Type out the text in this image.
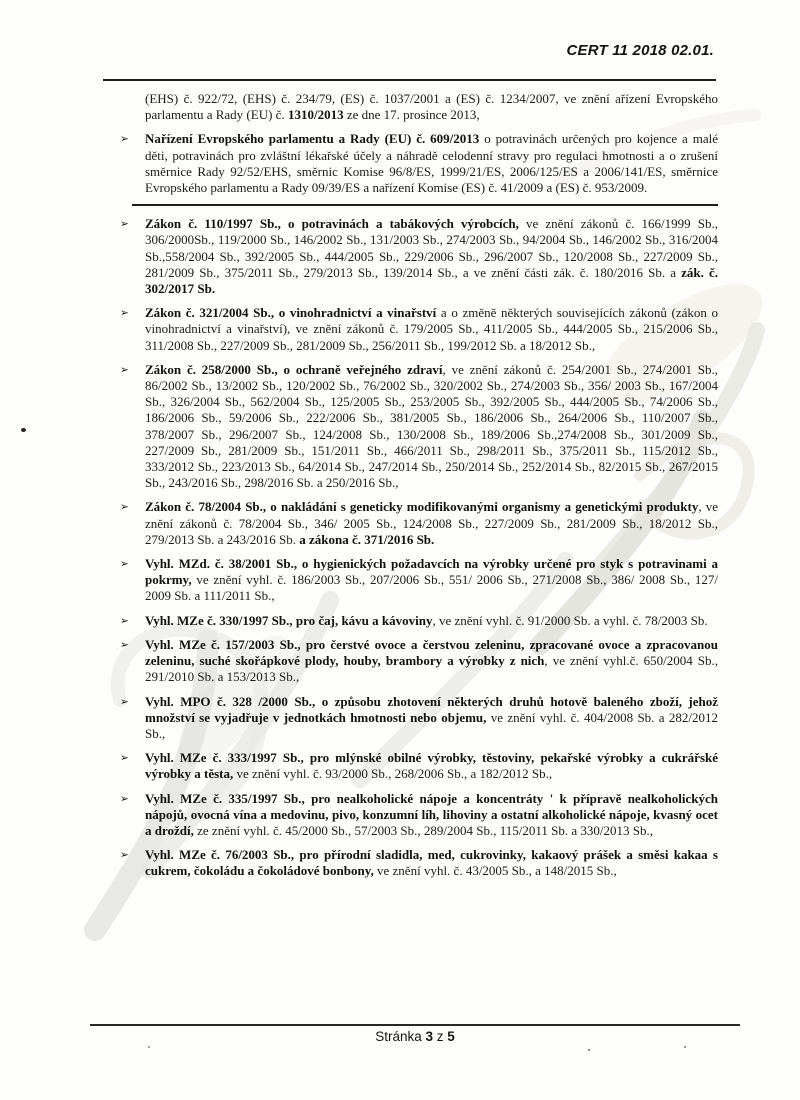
CERT 11 2018 02.01.
(EHS) č. 922/72, (EHS) č. 234/79, (ES) č. 1037/2001 a (ES) č. 1234/2007, ve znění ařízení Evropského parlamentu a Rady (EU) č. 1310/2013 ze dne 17. prosince 2013,
➢	Nařízení Evropského parlamentu a Rady (EU) č. 609/2013 o potravinách určených pro kojence a malé děti, potravinách pro zvláštní lékařské účely a náhradě celodenní stravy pro regulaci hmotnosti a o zrušení směrnice Rady 92/52/EHS, směrnic Komise 96/8/ES, 1999/21/ES, 2006/125/ES a 2006/141/ES, směrnice Evropského parlamentu a Rady 09/39/ES a nařízení Komise (ES) č. 41/2009 a (ES) č. 953/2009.
➢	Zákon č. 110/1997 Sb., o potravinách a tabákových výrobcích, ve znění zákonů č. 166/1999 Sb., 306/2000Sb., 119/2000 Sb., 146/2002 Sb., 131/2003 Sb., 274/2003 Sb., 94/2004 Sb., 146/2002 Sb., 316/2004 Sb.,558/2004 Sb., 392/2005 Sb., 444/2005 Sb., 229/2006 Sb., 296/2007 Sb., 120/2008 Sb., 227/2009 Sb., 281/2009 Sb., 375/2011 Sb., 279/2013 Sb., 139/2014 Sb., a ve znění části zák. č. 180/2016 Sb. a zák. č. 302/2017 Sb.
➢	Zákon č. 321/2004 Sb., o vinohradnictví a vinařství a o změně některých souvisejících zákonů (zákon o vinohradnictví a vinařství), ve znění zákonů č. 179/2005 Sb., 411/2005 Sb., 444/2005 Sb., 215/2006 Sb., 311/2008 Sb., 227/2009 Sb., 281/2009 Sb., 256/2011 Sb., 199/2012 Sb. a 18/2012 Sb.,
➢	Zákon č. 258/2000 Sb., o ochraně veřejného zdraví, ve znění zákonů č. 254/2001 Sb., 274/2001 Sb., 86/2002 Sb., 13/2002 Sb., 120/2002 Sb., 76/2002 Sb., 320/2002 Sb., 274/2003 Sb., 356/ 2003 Sb., 167/2004 Sb., 326/2004 Sb., 562/2004 Sb., 125/2005 Sb., 253/2005 Sb., 392/2005 Sb., 444/2005 Sb., 74/2006 Sb., 186/2006 Sb., 59/2006 Sb., 222/2006 Sb., 381/2005 Sb., 186/2006 Sb., 264/2006 Sb., 110/2007 Sb., 378/2007 Sb., 296/2007 Sb., 124/2008 Sb., 130/2008 Sb., 189/2006 Sb.,274/2008 Sb., 301/2009 Sb., 227/2009 Sb., 281/2009 Sb., 151/2011 Sb., 466/2011 Sb., 298/2011 Sb., 375/2011 Sb., 115/2012 Sb., 333/2012 Sb., 223/2013 Sb., 64/2014 Sb., 247/2014 Sb., 250/2014 Sb., 252/2014 Sb., 82/2015 Sb., 267/2015 Sb., 243/2016 Sb., 298/2016 Sb. a 250/2016 Sb.,
➢	Zákon č. 78/2004 Sb., o nakládání s geneticky modifikovanými organismy a genetickými produkty, ve znění zákonů č. 78/2004 Sb., 346/ 2005 Sb., 124/2008 Sb., 227/2009 Sb., 281/2009 Sb., 18/2012 Sb., 279/2013 Sb. a 243/2016 Sb. a zákona č. 371/2016 Sb.
➢	Vyhl. MZd. č. 38/2001 Sb., o hygienických požadavcích na výrobky určené pro styk s potravinami a pokrmy, ve znění vyhl. č. 186/2003 Sb., 207/2006 Sb., 551/ 2006 Sb., 271/2008 Sb., 386/ 2008 Sb., 127/ 2009 Sb. a 111/2011 Sb.,
➢	Vyhl. MZe č. 330/1997 Sb., pro čaj, kávu a kávoviny, ve znění vyhl. č. 91/2000 Sb. a vyhl. č. 78/2003 Sb.
➢	Vyhl. MZe č. 157/2003 Sb., pro čerstvé ovoce a čerstvou zeleninu, zpracované ovoce a zpracovanou zeleninu, suché skořápkové plody, houby, brambory a výrobky z nich, ve znění vyhl.č. 650/2004 Sb., 291/2010 Sb. a 153/2013 Sb.,
➢	Vyhl. MPO č. 328 /2000 Sb., o způsobu zhotovení některých druhů hotově baleného zboží, jehož množství se vyjadřuje v jednotkách hmotnosti nebo objemu, ve znění vyhl. č. 404/2008 Sb. a 282/2012 Sb.,
➢	Vyhl. MZe č. 333/1997 Sb., pro mlýnské obilné výrobky, těstoviny, pekařské výrobky a cukrářské výrobky a těsta, ve znění vyhl. č. 93/2000 Sb., 268/2006 Sb., a 182/2012 Sb.,
➢	Vyhl. MZe č. 335/1997 Sb., pro nealkoholické nápoje a koncentráty ' k přípravě nealkoholických nápojů, ovocná vína a medovinu, pivo, konzumní líh, lihoviny a ostatní alkoholické nápoje, kvasný ocet a droždí, ze znění vyhl. č. 45/2000 Sb., 57/2003 Sb., 289/2004 Sb., 115/2011 Sb. a 330/2013 Sb.,
➢	Vyhl. MZe č. 76/2003 Sb., pro přírodní sladidla, med, cukrovinky, kakaový prášek a směsi kakaa s cukrem, čokoládu a čokoládové bonbony, ve znění vyhl. č. 43/2005 Sb., a 148/2015 Sb.,
Stránka 3 z 5
